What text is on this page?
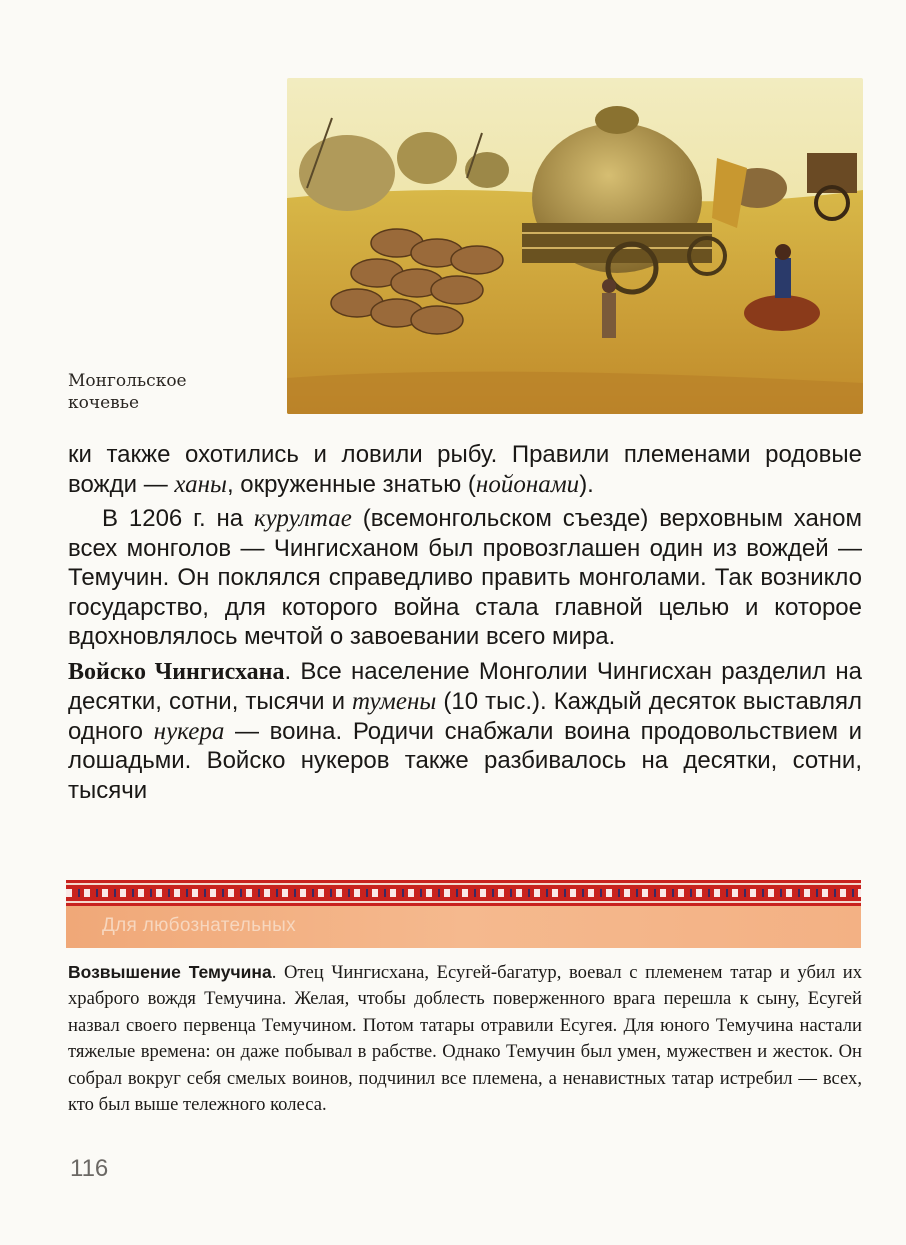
Монгольское
кочевье

ки также охотились и ловили рыбу. Правили племенами родовые вожди — ханы, окруженные знатью (нойонами).

В 1206 г. на курултае (всемонгольском съезде) верховным ханом всех монголов — Чингисханом был провозглашен один из вождей — Темучин. Он поклялся справедливо править монголами. Так возникло государство, для которого война стала главной целью и которое вдохновлялось мечтой о завоевании всего мира.

Войско Чингисхана. Все население Монголии Чингисхан разделил на десятки, сотни, тысячи и тумены (10 тыс.). Каждый десяток выставлял одного нукера — воина. Родичи снабжали воина продовольствием и лошадьми. Войско нукеров также разбивалось на десятки, сотни, тысячи

Для любознательных
Возвышение Темучина. Отец Чингисхана, Есугей-багатур, воевал с племенем татар и убил их храброго вождя Темучина. Желая, чтобы доблесть поверженного врага перешла к сыну, Есугей назвал своего первенца Темучином. Потом татары отравили Есугея. Для юного Темучина настали тяжелые времена: он даже побывал в рабстве. Однако Темучин был умен, мужествен и жесток. Он собрал вокруг себя смелых воинов, подчинил все племена, а ненавистных татар истребил — всех, кто был выше тележного колеса.
116
